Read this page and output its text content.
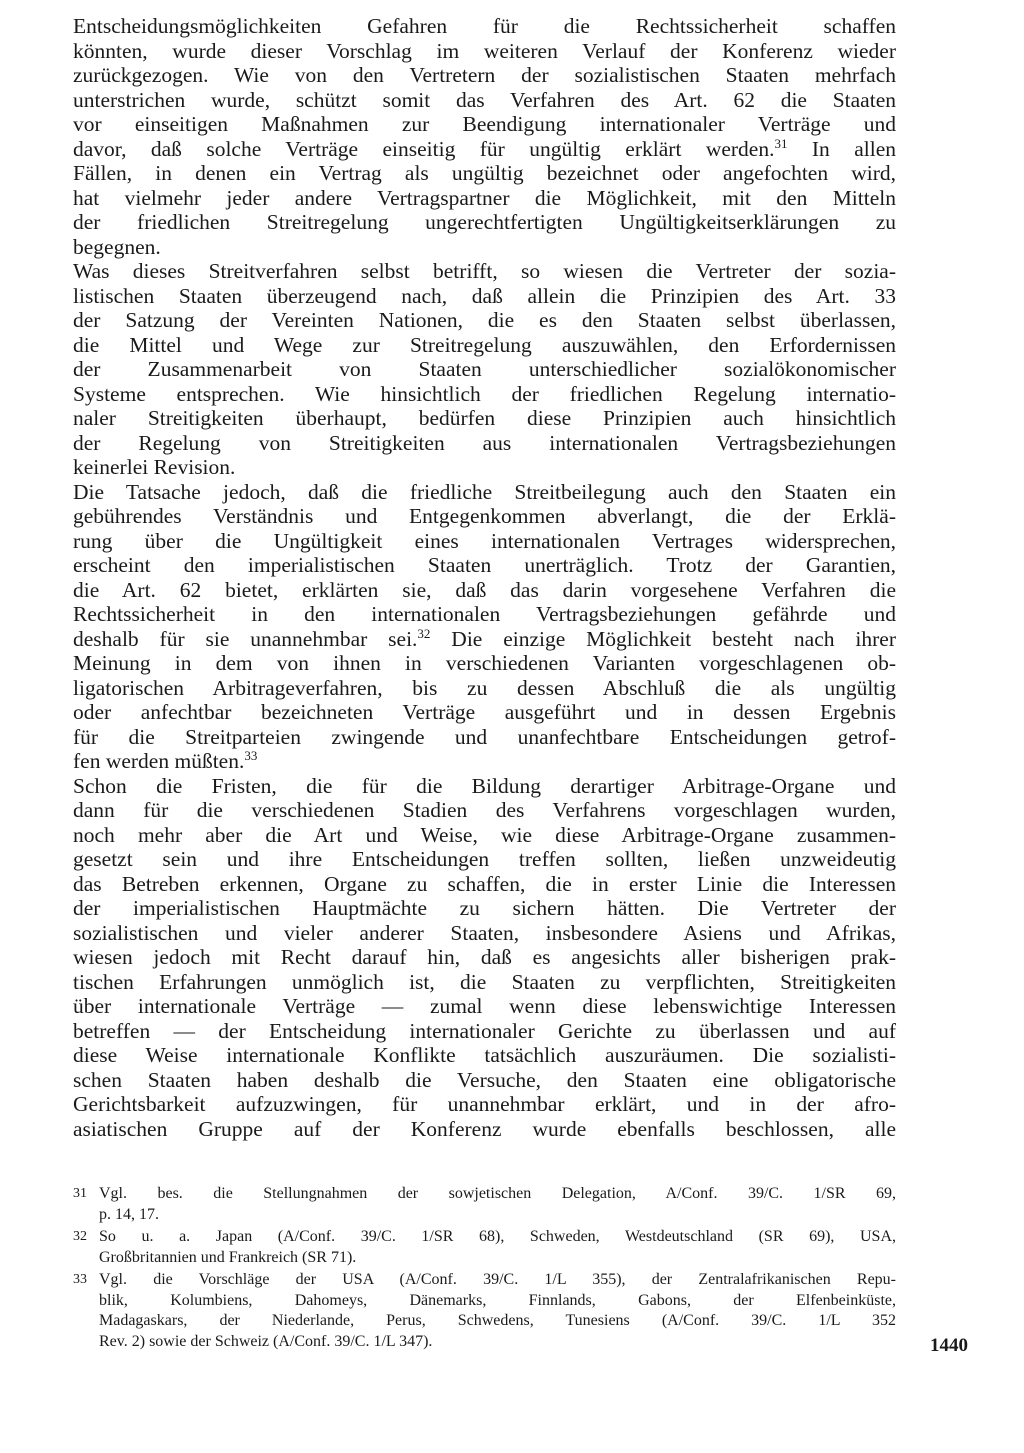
Entscheidungsmöglichkeiten Gefahren für die Rechtssicherheit schaffen
könnten, wurde dieser Vorschlag im weiteren Verlauf der Konferenz wieder
zurückgezogen. Wie von den Vertretern der sozialistischen Staaten mehrfach
unterstrichen wurde, schützt somit das Verfahren des Art. 62 die Staaten
vor einseitigen Maßnahmen zur Beendigung internationaler Verträge und
davor, daß solche Verträge einseitig für ungültig erklärt werden.$^{31}$ In allen
Fällen, in denen ein Vertrag als ungültig bezeichnet oder angefochten wird,
hat vielmehr jeder andere Vertragspartner die Möglichkeit, mit den Mitteln
der friedlichen Streitregelung ungerechtfertigten Ungültigkeitserklärungen zu
begegnen.

Was dieses Streitverfahren selbst betrifft, so wiesen die Vertreter der sozia-
listischen Staaten überzeugend nach, daß allein die Prinzipien des Art. 33
der Satzung der Vereinten Nationen, die es den Staaten selbst überlassen,
die Mittel und Wege zur Streitregelung auszuwählen, den Erfordernissen
der Zusammenarbeit von Staaten unterschiedlicher sozialökonomischer
Systeme entsprechen. Wie hinsichtlich der friedlichen Regelung internatio-
naler Streitigkeiten überhaupt, bedürfen diese Prinzipien auch hinsichtlich
der Regelung von Streitigkeiten aus internationalen Vertragsbeziehungen
keinerlei Revision.

Die Tatsache jedoch, daß die friedliche Streitbeilegung auch den Staaten ein
gebührendes Verständnis und Entgegenkommen abverlangt, die der Erklä-
rung über die Ungültigkeit eines internationalen Vertrages widersprechen,
erscheint den imperialistischen Staaten unerträglich. Trotz der Garantien,
die Art. 62 bietet, erklärten sie, daß das darin vorgesehene Verfahren die
Rechtssicherheit in den internationalen Vertragsbeziehungen gefährde und
deshalb für sie unannehmbar sei.$^{32}$ Die einzige Möglichkeit besteht nach ihrer
Meinung in dem von ihnen in verschiedenen Varianten vorgeschlagenen ob-
ligatorischen Arbitrageverfahren, bis zu dessen Abschluß die als ungültig
oder anfechtbar bezeichneten Verträge ausgeführt und in dessen Ergebnis
für die Streitparteien zwingende und unanfechtbare Entscheidungen getrof-
fen werden müßten.$^{33}$

Schon die Fristen, die für die Bildung derartiger Arbitrage-Organe und
dann für die verschiedenen Stadien des Verfahrens vorgeschlagen wurden,
noch mehr aber die Art und Weise, wie diese Arbitrage-Organe zusammen-
gesetzt sein und ihre Entscheidungen treffen sollten, ließen unzweideutig
das Betreben erkennen, Organe zu schaffen, die in erster Linie die Interessen
der imperialistischen Hauptmächte zu sichern hätten. Die Vertreter der
sozialistischen und vieler anderer Staaten, insbesondere Asiens und Afrikas,
wiesen jedoch mit Recht darauf hin, daß es angesichts aller bisherigen prak-
tischen Erfahrungen unmöglich ist, die Staaten zu verpflichten, Streitigkeiten
über internationale Verträge — zumal wenn diese lebenswichtige Interessen
betreffen — der Entscheidung internationaler Gerichte zu überlassen und auf
diese Weise internationale Konflikte tatsächlich auszuräumen. Die sozialisti-
schen Staaten haben deshalb die Versuche, den Staaten eine obligatorische
Gerichtsbarkeit aufzuzwingen, für unannehmbar erklärt, und in der afro-
asiatischen Gruppe auf der Konferenz wurde ebenfalls beschlossen, alle

31 Vgl. bes. die Stellungnahmen der sowjetischen Delegation, A/Conf. 39/C. 1/SR 69,
p. 14, 17.
32 So u. a. Japan (A/Conf. 39/C. 1/SR 68), Schweden, Westdeutschland (SR 69), USA,
Großbritannien und Frankreich (SR 71).
33 Vgl. die Vorschläge der USA (A/Conf. 39/C. 1/L 355), der Zentralafrikanischen Repu-
blik, Kolumbiens, Dahomeys, Dänemarks, Finnlands, Gabons, der Elfenbeinküste,
Madagaskars, der Niederlande, Perus, Schwedens, Tunesiens (A/Conf. 39/C. 1/L 352
Rev. 2) sowie der Schweiz (A/Conf. 39/C. 1/L 347).	1440
